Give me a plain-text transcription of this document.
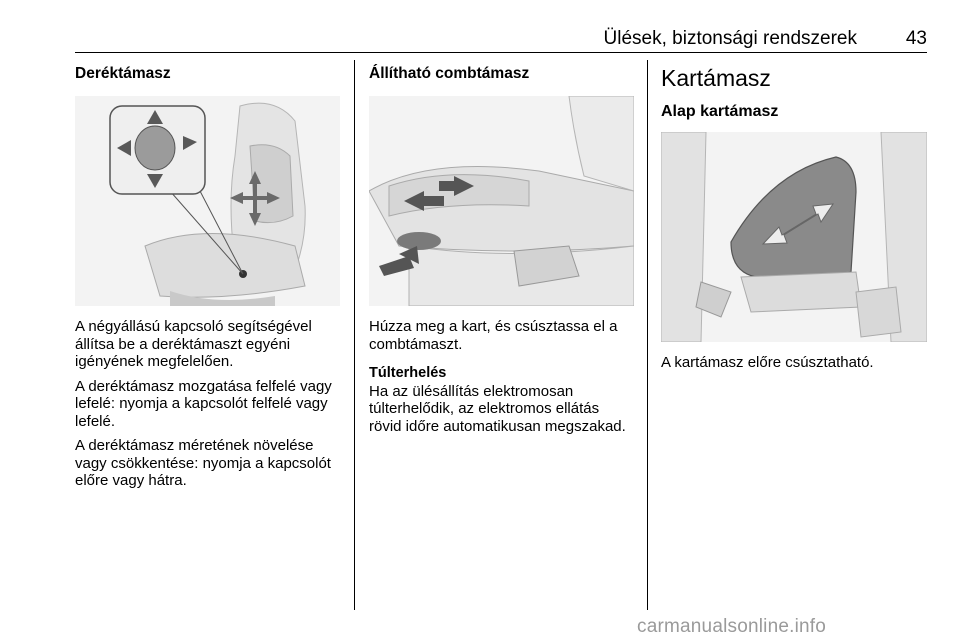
Ülések, biztonsági rendszerek	43
Deréktámasz
A négyállású kapcsoló segítségével állítsa be a deréktámaszt egyéni igényének megfelelően.
A deréktámasz mozgatása felfelé vagy lefelé: nyomja a kapcsolót felfelé vagy lefelé.
A deréktámasz méretének növelése vagy csökkentése: nyomja a kapcsolót előre vagy hátra.
Állítható combtámasz
Húzza meg a kart, és csúsztassa el a combtámaszt.
Túlterhelés
Ha az ülésállítás elektromosan túlterhelődik, az elektromos ellátás rövid időre automatikusan megszakad.
Kartámasz
Alap kartámasz
A kartámasz előre csúsztatható.
carmanualsonline.info
